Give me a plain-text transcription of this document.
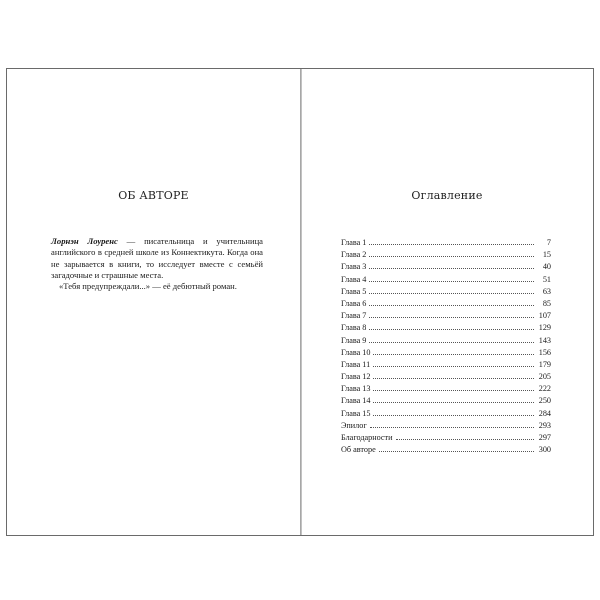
ОБ АВТОРЕ

Лорнэн Лоуренс — писательница и учительница английского в средней школе из Коннектикута. Когда она не зарывается в книги, то исследует вместе с семьёй загадочные и страшные места.

«Тебя предупреждали...» — её дебютный роман.

Оглавление
Глава 1	7
Глава 2	15
Глава 3	40
Глава 4	51
Глава 5	63
Глава 6	85
Глава 7	107
Глава 8	129
Глава 9	143
Глава 10	156
Глава 11	179
Глава 12	205
Глава 13	222
Глава 14	250
Глава 15	284
Эпилог	293
Благодарности	297
Об авторе	300
